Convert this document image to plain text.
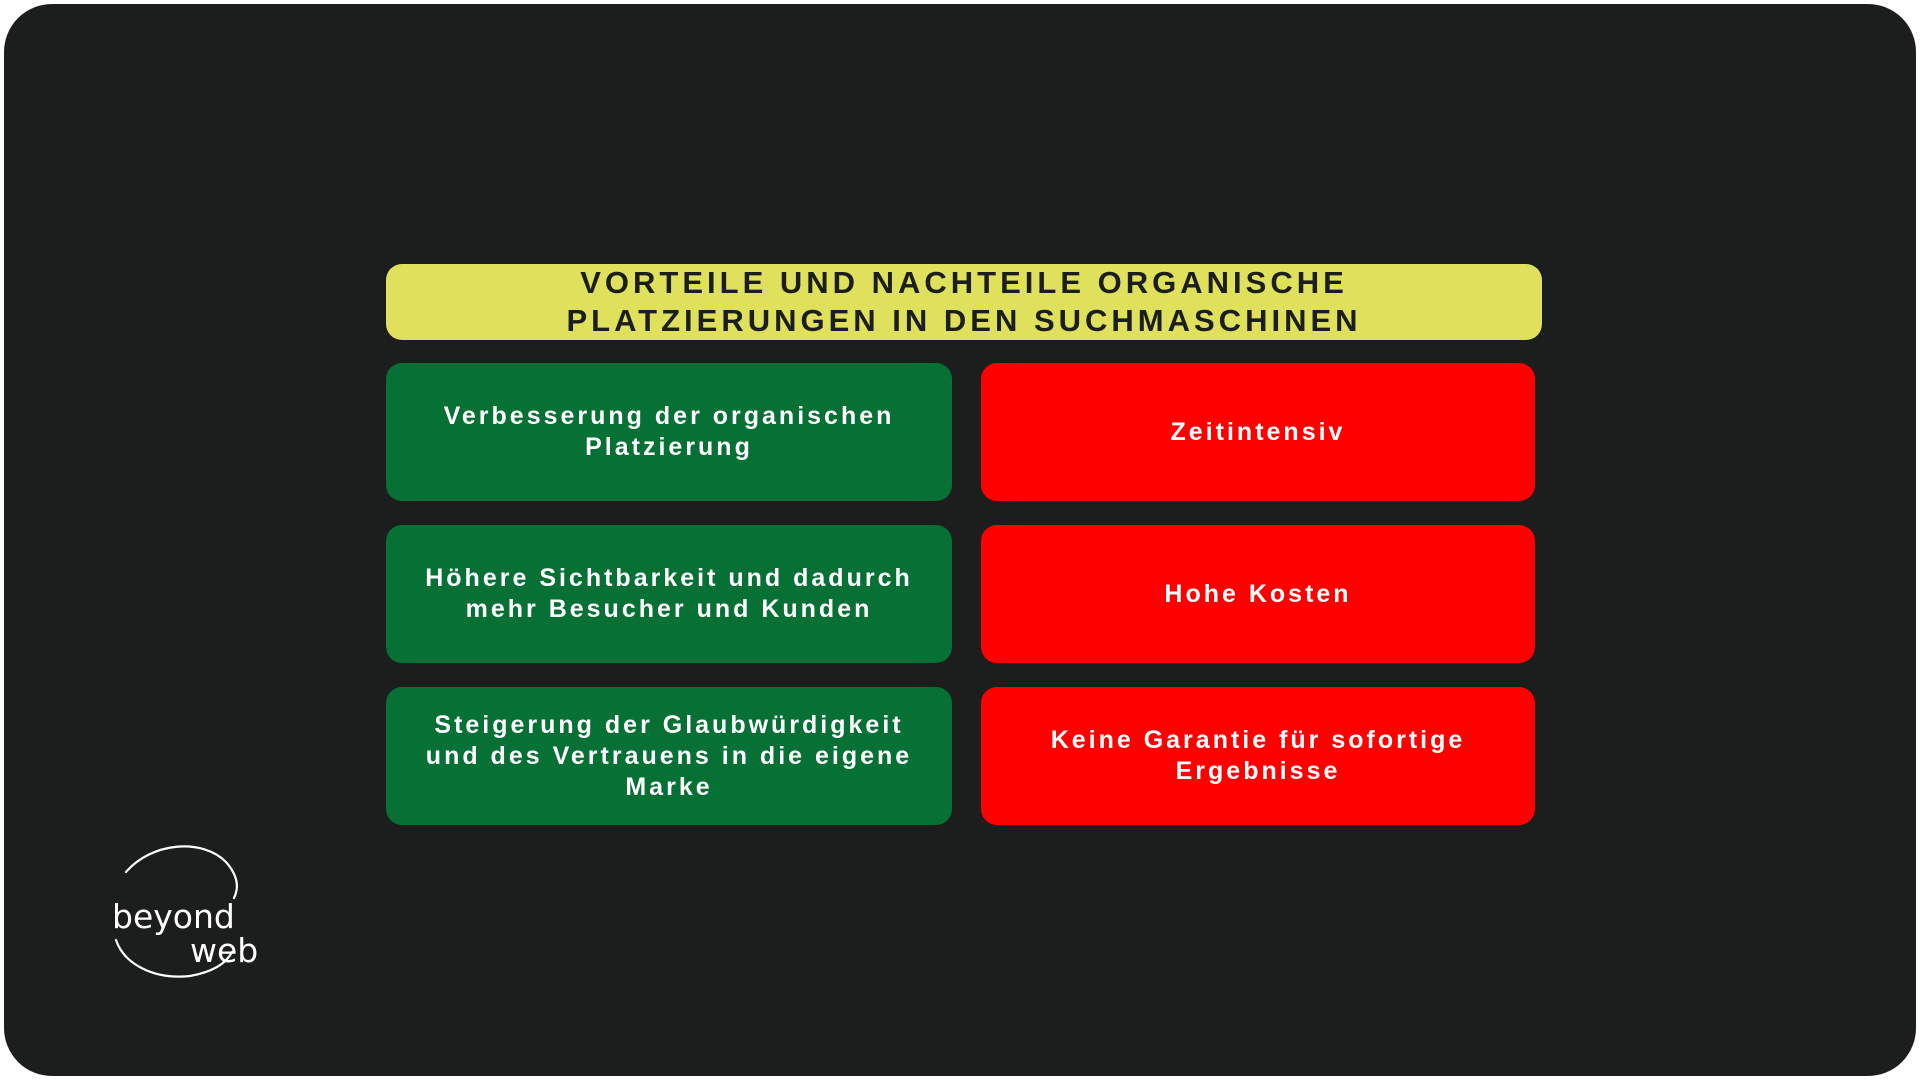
VORTEILE UND NACHTEILE ORGANISCHE
PLATZIERUNGEN IN DEN SUCHMASCHINEN
Verbesserung der organischen
Platzierung
Höhere Sichtbarkeit und dadurch
mehr Besucher und Kunden
Steigerung der Glaubwürdigkeit
und des Vertrauens in die eigene
Marke
Zeitintensiv
Hohe Kosten
Keine Garantie für sofortige
Ergebnisse
beyond
web
